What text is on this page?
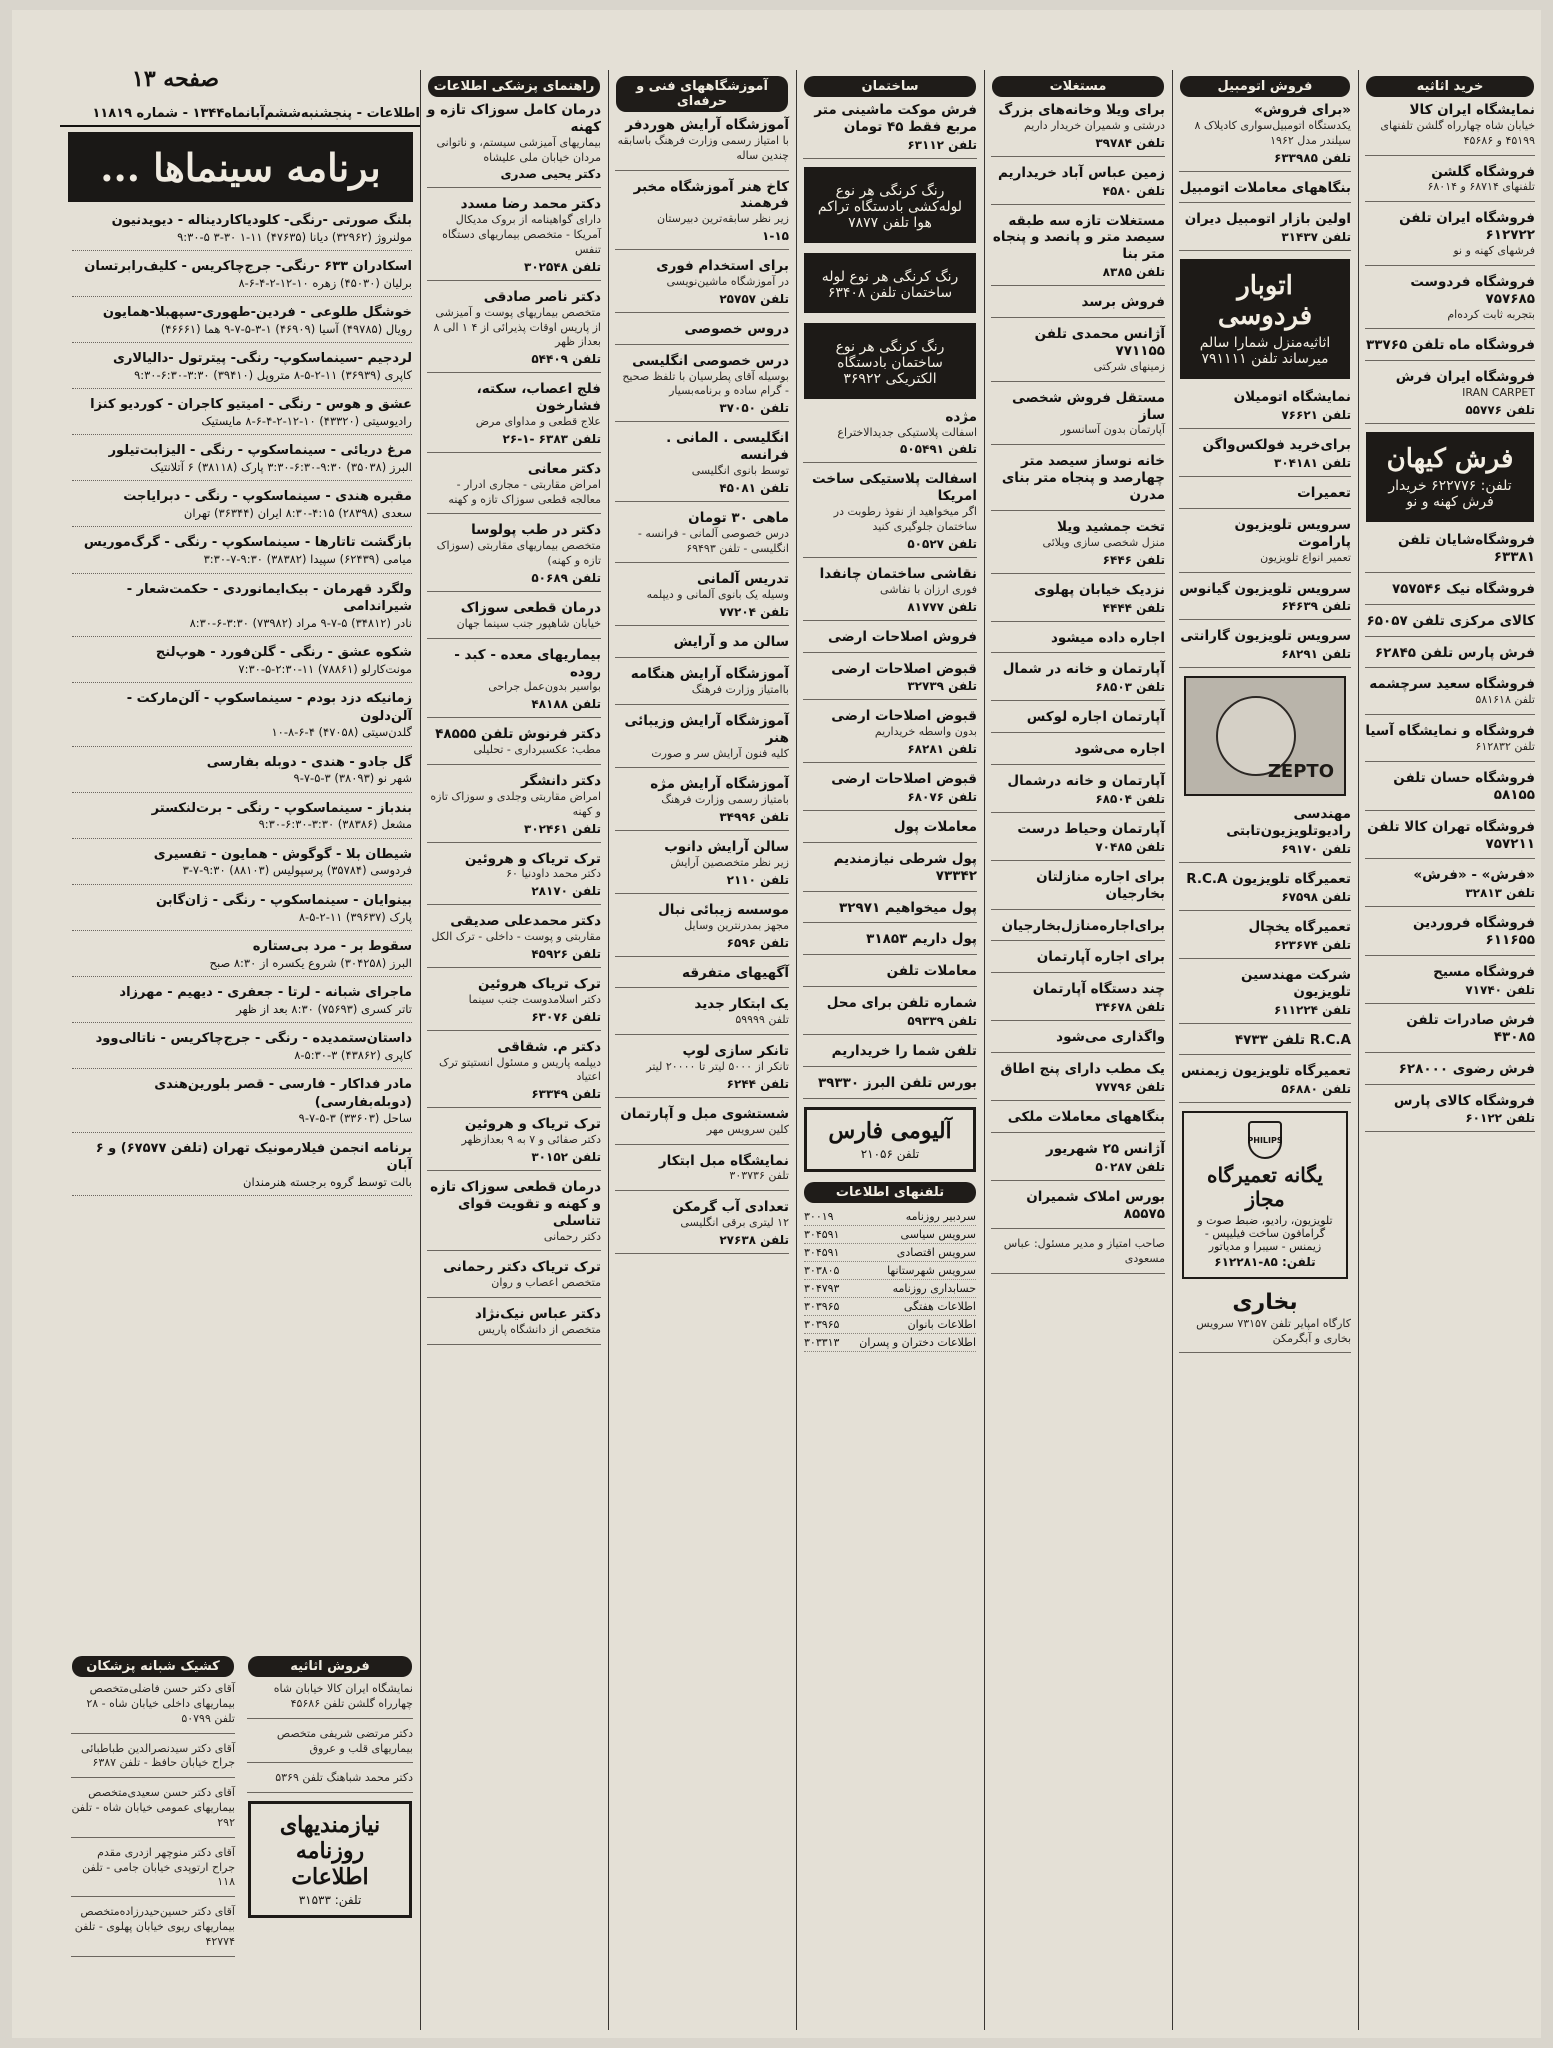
صفحه ۱۳
اطلاعات - پنجشنبه‌ششم‌آبانماه۱۳۴۴ - شماره ۱۱۸۱۹
برنامه سینماها ...
بلنگ صورتی -رنگی- کلودیاکاردیناله - دیویدنیون
مولنروژ (۳۲۹۶۲) دیانا (۴۷۶۳۵) ۱۱-۱ ۳۰-۳ ۵-۹:۳۰
اسکادران ۶۳۳ -رنگی- جرج‌چاکریس - کلیف‌رابرتسان
برلیان (۴۵۰۳۰) زهره ۱۰-۱۲-۲-۴-۶-۸
خوشگل طلوعی - فردین-طهوری-سپهبلا-همایون
رویال (۴۹۷۸۵) آسیا (۴۶۹۰۹) ۱-۳-۵-۷-۹ هما (۴۶۶۶۱)
لردجیم -سینماسکوپ- رنگی- پیترتول -دالیالاری
کاپری (۳۶۹۳۹) ۱۱-۲-۵-۸ متروپل (۳۹۴۱۰) ۳:۳۰-۶:۳۰-۹:۳۰
عشق و هوس - رنگی - امیتیو کاجران - کوردیو کنزا
رادیوسیتی (۴۳۳۲۰) ۱۰-۱۲-۲-۴-۶-۸ مایستیک
مرغ دریائی - سینماسکوپ - رنگی - الیزابت‌تیلور
البرز (۳۵۰۳۸) ۹:۳۰-۶:۳۰-۳:۳۰ پارک (۳۸۱۱۸) ۶ آتلانتیک
مقبره هندی - سینماسکوپ - رنگی - دبرایاجت
سعدی (۲۸۳۹۸) ۴:۱۵-۸:۳۰ ایران (۳۶۳۴۴) تهران
بازگشت تاتارها - سینماسکوپ - رنگی - گرگ‌موریس
میامی (۶۲۴۳۹) سپیدا (۳۸۳۸۲) ۹:۳۰-۷-۳:۳۰
ولگرد قهرمان - بیک‌ایمانوردی - حکمت‌شعار - شیراندامی
نادر (۳۴۸۱۲) ۵-۷-۹ مراد (۷۳۹۸۲) ۳:۳۰-۶-۸:۳۰
شکوه عشق - رنگی - گلن‌فورد - هوپ‌لنج
مونت‌کارلو (۷۸۸۶۱) ۱۱-۲:۳۰-۵-۷:۳۰
زمانیکه دزد بودم - سینماسکوپ - آلن‌مارکت - آلن‌دلون
گلدن‌سیتی (۴۷۰۵۸) ۴-۶-۸-۱۰
گل جادو - هندی - دوبله بفارسی
شهر نو (۳۸۰۹۳) ۳-۵-۷-۹
بندباز - سینماسکوپ - رنگی - برت‌لنکستر
مشعل (۳۸۳۸۶) ۳:۳۰-۶:۳۰-۹:۳۰
شیطان بلا - گوگوش - همایون - تفسیری
فردوسی (۳۵۷۸۴) پرسپولیس (۸۸۱۰۳) ۹:۳۰-۷-۳
بینوایان - سینماسکوپ - رنگی - ژان‌گابن
پارک (۳۹۶۳۷) ۱۱-۲-۵-۸
سقوط بر - مرد بی‌ستاره
البرز (۳۰۴۲۵۸) شروع یکسره از ۸:۳۰ صبح
ماجرای شبانه - لرتا - جعفری - دیهیم - مهرزاد
تاتر کسری (۷۵۶۹۳) ۸:۳۰ بعد از ظهر
داستان‌ستمدیده - رنگی - جرج‌چاکریس - ناتالی‌وود
کاپری (۴۳۸۶۲) ۳-۵:۳۰-۸
مادر فداکار - فارسی - قصر بلورین‌هندی (دوبله‌بفارسی)
ساحل (۳۳۶۰۳) ۳-۵-۷-۹
برنامه انجمن فیلارمونیک تهران (تلفن ۶۷۵۷۷) و ۶ آبان
بالت توسط گروه برجسته هنرمندان
کشیک شبانه پزشکان
آقای دکتر حسن فاضلی‌متخصص بیماریهای داخلی خیابان شاه - ۲۸ تلفن ۵۰۷۹۹
آقای دکتر سیدنصرالدین طباطبائی جراح خیابان حافظ - تلفن ۶۳۸۷
آقای دکتر حسن سعیدی‌متخصص بیماریهای عمومی خیابان شاه - تلفن ۲۹۲
آقای دکتر منوچهر ازدری مقدم جراح ارتوپدی خیابان جامی - تلفن ۱۱۸
آقای دکتر حسین‌حیدرزاده‌متخصص بیماریهای ریوی خیابان پهلوی - تلفن ۴۲۷۷۴
فروش اثاثیه
نمایشگاه ایران کالا خیابان شاه چهارراه گلشن تلفن ۴۵۶۸۶
دکتر مرتضی شریفی متخصص بیماریهای قلب و عروق
دکتر محمد شباهنگ تلفن ۵۳۶۹
نیازمندیهای روزنامه اطلاعات
تلفن: ۳۱۵۳۳
راهنمای پزشکی اطلاعات
درمان کامل سوزاک تازه و کهنه
بیماریهای آمیزشی سیستم، و ناتوانی مردان خیابان ملی علیشاه
دکتر یحیی صدری
دکتر محمد رضا مسدد
دارای گواهینامه از بروک مدیکال آمریکا - متخصص بیماریهای دستگاه تنفس
تلفن ۳۰۲۵۴۸
دکتر ناصر صادقی
متخصص بیماریهای پوست و آمیزشی از پاریس اوقات پذیرائی از ۴ ۱ الی ۸ بعداز ظهر
تلفن ۵۴۴۰۹
فلج اعصاب، سکته، فشارخون
علاج قطعی و مداوای مرض
تلفن ۶۳۸۳ -۱-۲۶
دکتر معانی
امراض مقاربتی - مجاری ادرار - معالجه قطعی سوزاک تازه و کهنه
دکتر در طب پولوسا
متخصص بیماریهای مقاربتی (سوزاک تازه و کهنه)
تلفن ۵۰۶۸۹
درمان قطعی سوزاک
خیابان شاهپور جنب سینما جهان
بیماریهای معده - کبد - روده
بواسیر بدون‌عمل جراحی
تلفن ۴۸۱۸۸
دکتر فرنوش تلفن ۴۸۵۵۵
مطب: عکسبرداری - تحلیلی
دکتر دانشگر
امراض مقاربتی وجلدی و سوزاک تازه و کهنه
تلفن ۳۰۲۴۶۱
ترک تریاک و هروئین
دکتر محمد داودنیا ۶۰
تلفن ۲۸۱۷۰
دکتر محمدعلی صدیقی
مقاربتی و پوست - داخلی - ترک الکل
تلفن ۴۵۹۲۶
ترک تریاک هروئین
دکتر اسلامدوست جنب سینما
تلفن ۶۳۰۷۶
دکتر م. شقاقی
دیپلمه پاریس و مسئول انستیتو ترک اعتیاد
تلفن ۶۳۳۴۹
ترک تریاک و هروئین
دکتر صفائی و ۷ به ۹ بعدازظهر
تلفن ۳۰۱۵۲
درمان قطعی سوزاک تازه و کهنه و تقویت قوای تناسلی
دکتر رحمانی
ترک تریاک دکتر رحمانی
متخصص اعصاب و روان
دکتر عباس نیک‌نژاد
متخصص از دانشگاه پاریس
آموزشگاههای فنی و حرفه‌ای
آموزشگاه آرایش هوردفر
با امتیاز رسمی وزارت فرهنگ باسابقه چندین ساله
کاخ هنر آموزشگاه مخبر فرهمند
زیر نظر سابقه‌ترین دبیرستان
۱-۱۵
برای استخدام فوری
در آموزشگاه ماشین‌نویسی
تلفن ۲۵۷۵۷
دروس خصوصی
درس خصوصی انگلیسی
بوسیله آقای پطرسیان با تلفظ صحیح - گرام ساده و برنامه‌بسیار
تلفن ۳۷۰۵۰
انگلیسی . المانی . فرانسه
توسط بانوی انگلیسی
تلفن ۴۵۰۸۱
ماهی ۳۰ تومان
درس خصوصی آلمانی - فرانسه - انگلیسی - تلفن ۶۹۴۹۳
تدریس آلمانی
وسیله یک بانوی آلمانی و دیپلمه
تلفن ۷۷۲۰۴
سالن مد و آرایش
آموزشگاه آرایش هنگامه
باامتیاز وزارت فرهنگ
آموزشگاه آرایش وزیبائی هنر
کلیه فنون آرایش سر و صورت
آموزشگاه آرایش مژه
بامتیاز رسمی وزارت فرهنگ
تلفن ۳۴۹۹۶
سالن آرایش دانوب
زیر نظر متخصصین آرایش
تلفن ۲۱۱۰
موسسه زیبائی نبال
مجهز بمدرنترین وسایل
تلفن ۶۵۹۶
آگهیهای متفرقه
یک ابتکار جدید
تلفن ۵۹۹۹۹
تانکر سازی لوپ
تانکر از ۵۰۰۰ لیتر تا ۲۰۰۰۰ لیتر
تلفن ۶۲۴۴
شستشوی مبل و آپارتمان
کلین سرویس مهر
نمایشگاه مبل ابتکار
تلفن ۳۰۳۷۳۶
تعدادی آب گرمکن
۱۲ لیتری برقی انگلیسی
تلفن ۲۷۶۳۸
ساختمان
فرش موکت ماشینی متر مربع فقط ۴۵ تومان
تلفن ۶۳۱۱۲
رنگ کرنگی هر نوع لوله‌کشی بادستگاه تراکم هوا تلفن ۷۸۷۷
رنگ کرنگی هر نوع لوله ساختمان تلفن ۶۳۴۰۸
رنگ کرنگی هر نوع ساختمان بادستگاه الکتریکی ۳۶۹۲۲
مژده
اسفالت پلاستیکی جدیدالاختراع
تلفن ۵۰۵۴۹۱
اسفالت پلاستیکی ساخت امریکا
اگر میخواهید از نفوذ رطوبت در ساختمان جلوگیری کنید
تلفن ۵۰۵۲۷
نقاشی ساختمان چانفدا
فوری ارزان با نفاشی
تلفن ۸۱۷۷۷
فروش اصلاحات ارضی
قبوض اصلاحات ارضی
تلفن ۳۲۷۳۹
قبوض اصلاحات ارضی
بدون واسطه خریداریم
تلفن ۶۸۲۸۱
قبوض اصلاحات ارضی
تلفن ۶۸۰۷۶
معاملات پول
پول شرطی نیازمندیم ۷۳۳۴۲
پول میخواهیم ۳۲۹۷۱
پول داریم ۳۱۸۵۳
معاملات تلفن
شماره تلفن برای محل
تلفن ۵۹۳۳۹
تلفن شما را خریداریم
بورس تلفن البرز ۳۹۳۳۰
آلیومی فارس
تلفن ۲۱۰۵۶
تلفنهای اطلاعات
سردبیر روزنامه
۳۰۰۱۹
سرویس سیاسی
۳۰۴۵۹۱
سرویس اقتصادی
۳۰۴۵۹۱
سرویس شهرستانها
۳۰۳۸۰۵
حسابداری روزنامه
۳۰۴۷۹۳
اطلاعات هفتگی
۳۰۳۹۶۵
اطلاعات بانوان
۳۰۳۹۶۵
اطلاعات دختران و پسران
۳۰۳۳۱۳
مستغلات
برای ویلا وخانه‌های بزرگ
درشتی و شمیران خریدار داریم
تلفن ۳۹۷۸۴
زمین عباس آباد خریداریم
تلفن ۴۵۸۰
مستغلات تازه سه طبقه سیصد متر و پانصد و پنجاه متر بنا
تلفن ۸۳۸۵
فروش برسد
آژانس محمدی تلفن ۷۷۱۱۵۵
زمینهای شرکتی
مستقل فروش شخصی ساز
آپارتمان بدون آسانسور
خانه نوساز سیصد متر چهارصد و پنجاه متر بنای مدرن
تخت جمشید ویلا
منزل شخصی سازی ویلائی
تلفن ۶۴۴۶
نزدیک خیابان پهلوی
تلفن ۴۴۴۴
اجاره داده میشود
آپارتمان و خانه در شمال
تلفن ۶۸۵۰۳
آپارتمان اجاره لوکس
اجاره می‌شود
آپارتمان و خانه درشمال
تلفن ۶۸۵۰۴
آپارتمان وحیاط درست
تلفن ۷۰۴۸۵
برای اجاره منازلتان بخارجیان
برای‌اجاره‌منازل‌بخارجیان
برای اجاره آپارتمان
چند دستگاه آپارتمان
تلفن ۳۴۶۷۸
واگذاری می‌شود
یک مطب دارای پنج اطاق
تلفن ۷۷۷۹۶
بنگاههای معاملات ملکی
آژانس ۲۵ شهریور
تلفن ۵۰۲۸۷
بورس املاک شمیران ۸۵۵۷۵
صاحب امتیاز و مدیر مسئول: عباس مسعودی
فروش اتومبیل
«برای فروش»
یکدستگاه اتومبیل‌سواری کادیلاک ۸ سیلندر مدل ۱۹۶۲
تلفن ۶۳۳۹۸۵
بنگاههای معاملات اتومبیل
اولین بازار اتومبیل دیران
تلفن ۳۱۴۳۷
اتوبار فردوسی
اثاثیه‌منزل شمارا سالم‌ میرساند تلفن ۷۹۱۱۱۱
نمایشگاه اتومیلان
تلفن ۷۶۶۲۱
برای‌خرید فولکس‌واگن
تلفن ۳۰۴۱۸۱
تعمیرات
سرویس تلویزیون پاراموت
تعمیر انواع تلویزیون
سرویس تلویزیون گیانوس
تلفن ۶۴۶۳۹
سرویس تلویزیون گارانتی
تلفن ۶۸۲۹۱
ZEPTO
مهندسی رادیوتلویزیون‌تابتی
تلفن ۶۹۱۷۰
تعمیرگاه تلویزیون R.C.A
تلفن ۶۷۵۹۸
تعمیرگاه یخچال
تلفن ۶۲۳۶۷۴
شرکت مهندسین تلویزیون
تلفن ۶۱۱۲۲۴
R.C.A تلفن ۴۷۳۳
تعمیرگاه تلویزیون زیمنس
تلفن ۵۶۸۸۰
PHILIPS
یگانه تعمیرگاه مجاز
تلویزیون، رادیو، ضبط صوت و گرامافون ساخت فیلیپس - زیمنس - سیبرا و مدیاتور
تلفن: ۸۵-۶۱۲۲۸۱
بخاری
کارگاه امپایر تلفن ۷۳۱۵۷ سرویس بخاری و آبگرمکن
خرید اثاثیه
نمایشگاه ایران کالا
خیابان شاه چهارراه گلشن تلفنهای ۴۵۱۹۹ و ۴۵۶۸۶
فروشگاه گلشن
تلفنهای ۶۸۷۱۴ و ۶۸۰۱۴
فروشگاه ایران تلفن ۶۱۲۷۲۲
فرشهای کهنه و نو
فروشگاه فردوست ۷۵۷۶۸۵
بتجربه ثابت کرده‌ام
فروشگاه ماه تلفن ۳۳۷۶۵
فروشگاه ایران فرش
IRAN CARPET
تلفن ۵۵۷۷۶
فرش کیهان
تلفن: ۶۲۲۷۷۶ خریدار فرش کهنه و نو
فروشگاه‌شایان تلفن ۶۳۳۸۱
فروشگاه نیک ۷۵۷۵۴۶
کالای مرکزی تلفن ۶۵۰۵۷
فرش پارس تلفن ۶۲۸۴۵
فروشگاه سعید سرچشمه
تلفن ۵۸۱۶۱۸
فروشگاه و نمایشگاه آسیا
تلفن ۶۱۲۸۳۲
فروشگاه حسان تلفن ۵۸۱۵۵
فروشگاه تهران کالا تلفن ۷۵۷۲۱۱
«فرش» - «فرش»
تلفن ۳۲۸۱۳
فروشگاه فروردین ۶۱۱۶۵۵
فروشگاه مسیح
تلفن ۷۱۷۴۰
فرش صادرات تلفن ۴۳۰۸۵
فرش رضوی ۶۲۸۰۰۰
فروشگاه کالای پارس
تلفن ۶۰۱۲۲
